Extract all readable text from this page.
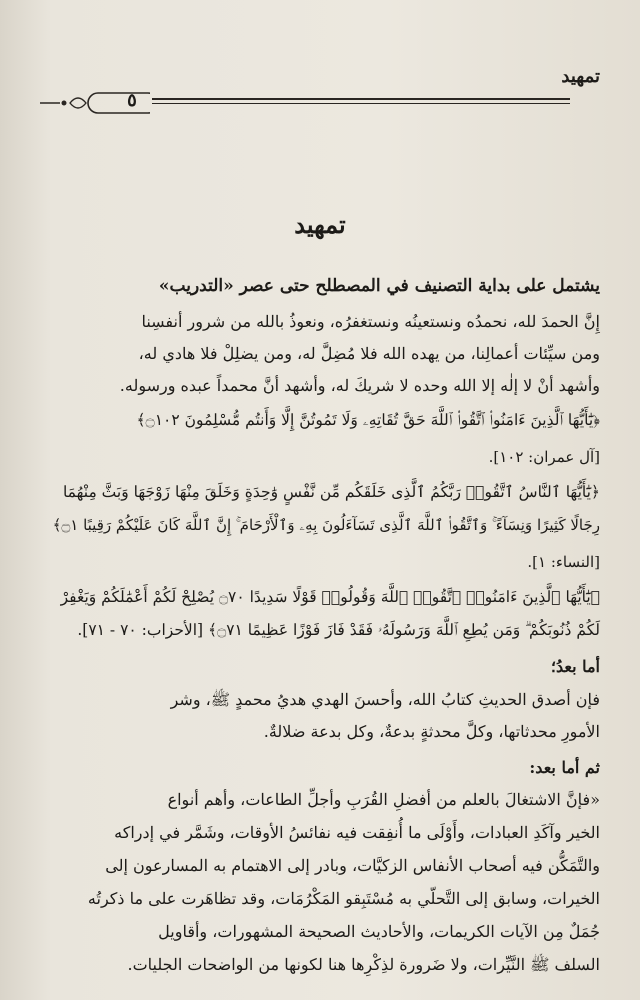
تمهيد
٥
تمهيد
يشتمل على بداية التصنيف في المصطلح حتى عصر «التدريب»
إِنَّ الحمدَ لله، نحمدُه ونستعينُه ونستغفرُه، ونعوذُ بالله من شرور أنفسِنا
ومن سيِّئات أعمالِنا، من يهده الله فلا مُضِلَّ له، ومن يضلِلْ فلا هادي له،
وأشهد أنْ لا إلٰه إلا الله وحده لا شريكَ له، وأشهد أنَّ محمداً عبده ورسوله.
﴿يَٰٓأَيُّهَا ٱلَّذِينَ ءَامَنُوا۟ ٱتَّقُوا۟ ٱللَّهَ حَقَّ تُقَاتِهِۦ وَلَا تَمُوتُنَّ إِلَّا وَأَنتُم مُّسْلِمُونَ ۝١٠٢﴾
[آل عمران: ١٠٢].
﴿يَٰٓأَيُّهَا ٱلنَّاسُ ٱتَّقُوا۟ رَبَّكُمُ ٱلَّذِى خَلَقَكُم مِّن نَّفْسٍ وَٰحِدَةٍ وَخَلَقَ مِنْهَا زَوْجَهَا وَبَثَّ مِنْهُمَا
رِجَالًا كَثِيرًا وَنِسَآءً ۚ وَٱتَّقُوا۟ ٱللَّهَ ٱلَّذِى تَسَآءَلُونَ بِهِۦ وَٱلْأَرْحَامَ ۚ إِنَّ ٱللَّهَ كَانَ عَلَيْكُمْ رَقِيبًا ۝١﴾
[النساء: ١].
﴿يَٰٓأَيُّهَا ٱلَّذِينَ ءَامَنُوا۟ ٱتَّقُوا۟ ٱللَّهَ وَقُولُوا۟ قَوْلًا سَدِيدًا ۝٧٠ يُصْلِحْ لَكُمْ أَعْمَٰلَكُمْ وَيَغْفِرْ
لَكُمْ ذُنُوبَكُمْ ۗ وَمَن يُطِعِ ٱللَّهَ وَرَسُولَهُۥ فَقَدْ فَازَ فَوْزًا عَظِيمًا ۝٧١﴾ [الأحزاب: ٧٠ - ٧١].
أما بعدُ؛
فإن أصدق الحديثِ كتابُ الله، وأحسنَ الهدي هديُ محمدٍ ﷺ، وشر
الأمورِ محدثاتها، وكلَّ محدثةٍ بدعةٌ، وكل بدعة ضلالةٌ.
ثم أما بعد:
«فإنَّ الاشتغالَ بالعلم من أفضلِ القُرَبِ وأجلِّ الطاعات، وأهم أنواع
الخير وآكَدِ العبادات، وأَوْلَى ما أُنفِقت فيه نفائسُ الأوقات، وشَمَّر في إدراكه
والتَّمَكُّن فيه أصحاب الأنفاس الزكيَّات، وبادر إلى الاهتمام به المسارعون إلى
الخيرات، وسابق إلى التَّحلّي به مُسْتَبِقو المَكْرُمَات، وقد تظاهَرت على ما ذكرتُه
جُمَلٌ مِن الآيات الكريمات، والأحاديث الصحيحة المشهورات، وأقاويل
السلف ﷺ النَّيِّرات، ولا ضَرورة لذِكْرِها هنا لكونها من الواضحات الجليات.
